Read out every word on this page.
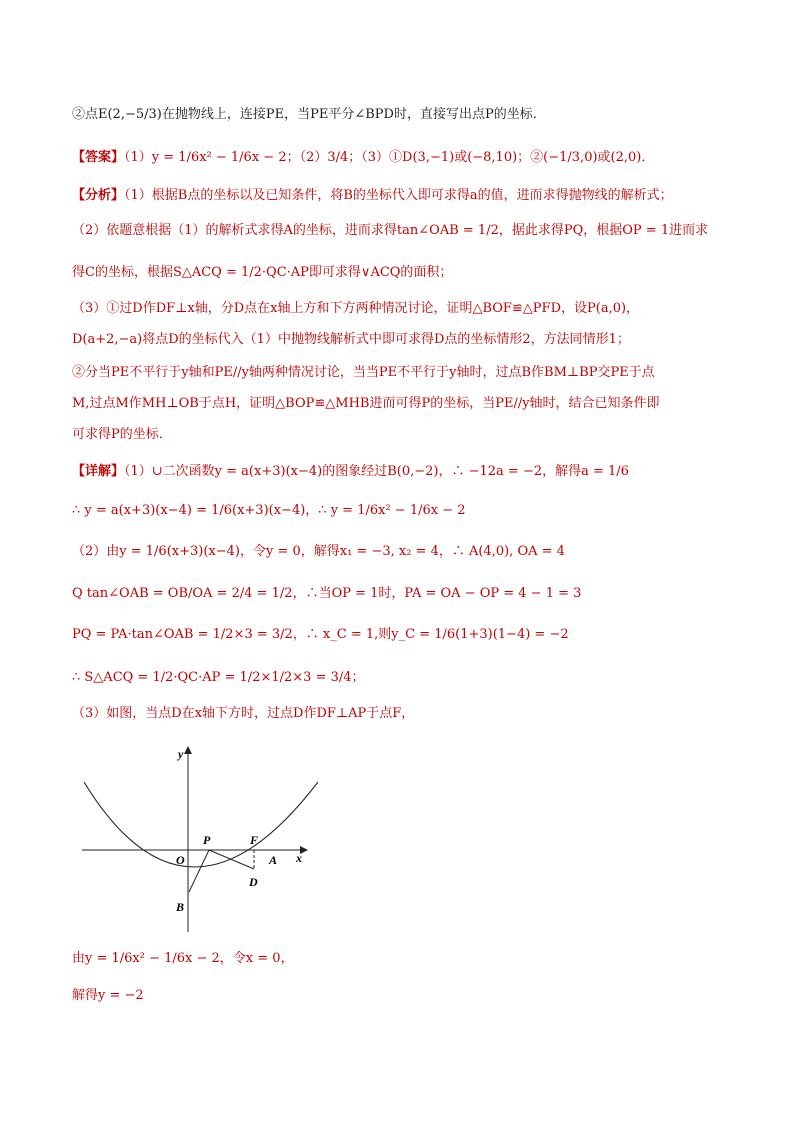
②点E(2,−5/3)在抛物线上，连接PE，当PE平分∠BPD时，直接写出点P的坐标．
【答案】（1）y = 1/6x² − 1/6x − 2；（2）3/4；（3）①D(3,−1)或(−8,10)；②(−1/3,0)或(2,0)．
【分析】（1）根据B点的坐标以及已知条件，将B的坐标代入即可求得a的值，进而求得抛物线的解析式；
（2）依题意根据（1）的解析式求得A的坐标，进而求得tan∠OAB = 1/2，据此求得PQ，根据OP = 1进而求
得C的坐标，根据S△ACQ = 1/2·QC·AP即可求得∨ACQ的面积；
（3）①过D作DF⊥x轴，分D点在x轴上方和下方两种情况讨论，证明△BOF≌△PFD，设P(a,0)，
D(a+2,−a)将点D的坐标代入（1）中抛物线解析式中即可求得D点的坐标情形2，方法同情形1；
②分当PE不平行于y轴和PE//y轴两种情况讨论，当当PE不平行于y轴时，过点B作BM⊥BP交PE于点
M,过点M作MH⊥OB于点H，证明△BOP≌△MHB进而可得P的坐标，当PE//y轴时，结合已知条件即
可求得P的坐标．
【详解】（1）∪二次函数y = a(x+3)(x−4)的图象经过B(0,−2)，∴ −12a = −2，解得a = 1/6
∴ y = a(x+3)(x−4) = 1/6(x+3)(x−4)，∴ y = 1/6x² − 1/6x − 2
（2）由y = 1/6(x+3)(x−4)，令y = 0，解得x₁ = −3, x₂ = 4，∴ A(4,0), OA = 4
Q tan∠OAB = OB/OA = 2/4 = 1/2，∴当OP = 1时，PA = OA − OP = 4 − 1 = 3
PQ = PA·tan∠OAB = 1/2×3 = 3/2，∴ x_C = 1,则y_C = 1/6(1+3)(1−4) = −2
∴ S△ACQ = 1/2·QC·AP = 1/2×1/2×3 = 3/4；
（3）如图，当点D在x轴下方时，过点D作DF⊥AP于点F，
y
x
O
P	F
A
D
B
由y = 1/6x² − 1/6x − 2，令x = 0，
解得y = −2
